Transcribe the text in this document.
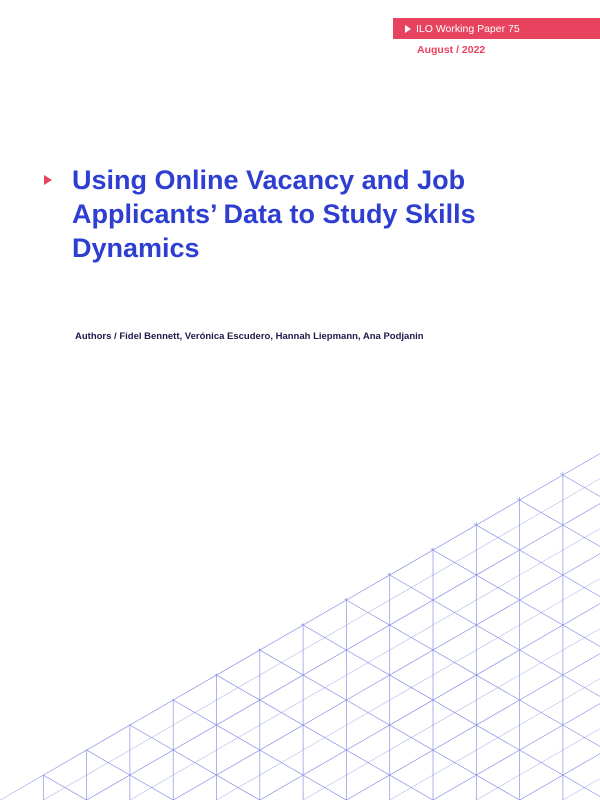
ILO Working Paper 75
August / 2022
Using Online Vacancy and Job
Applicants’ Data to Study Skills
Dynamics
Authors / Fidel Bennett, Verónica Escudero, Hannah Liepmann, Ana Podjanin
